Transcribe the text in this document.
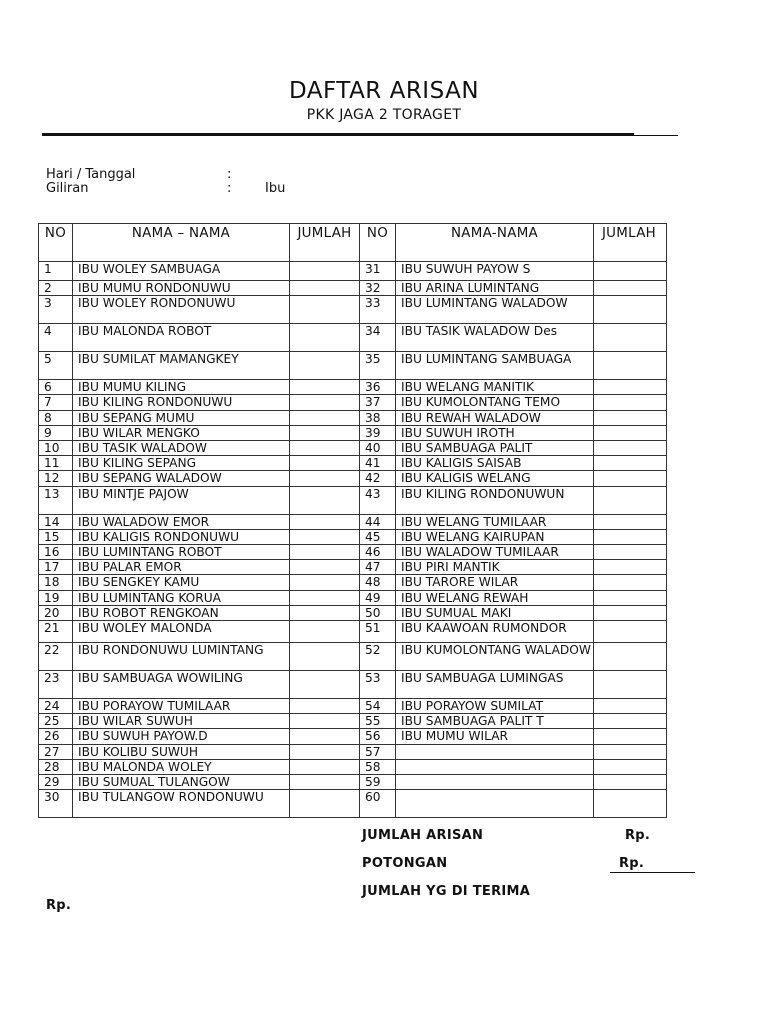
DAFTAR ARISAN
PKK JAGA 2 TORAGET
Hari / Tanggal	:
Giliran	:	Ibu
NO	NAMA – NAMA	JUMLAH	NO	NAMA-NAMA	JUMLAH

1	IBU WOLEY SAMBUAGA		31	IBU SUWUH PAYOW S	
2	IBU MUMU RONDONUWU		32	IBU ARINA LUMINTANG	
3	IBU WOLEY RONDONUWU		33	IBU LUMINTANG WALADOW	
4	IBU MALONDA ROBOT		34	IBU TASIK WALADOW Des	
5	IBU SUMILAT MAMANGKEY		35	IBU LUMINTANG SAMBUAGA	
6	IBU MUMU KILING		36	IBU WELANG MANITIK	
7	IBU KILING RONDONUWU		37	IBU KUMOLONTANG TEMO	
8	IBU SEPANG MUMU		38	IBU REWAH WALADOW	
9	IBU WILAR MENGKO		39	IBU SUWUH IROTH	
10	IBU TASIK WALADOW		40	IBU SAMBUAGA PALIT	
11	IBU KILING SEPANG		41	IBU KALIGIS SAISAB	
12	IBU SEPANG WALADOW		42	IBU KALIGIS WELANG	
13	IBU MINTJE PAJOW		43	IBU KILING RONDONUWUN	
14	IBU WALADOW EMOR		44	IBU WELANG TUMILAAR	
15	IBU KALIGIS RONDONUWU		45	IBU WELANG KAIRUPAN	
16	IBU LUMINTANG ROBOT		46	IBU WALADOW TUMILAAR	
17	IBU PALAR EMOR		47	IBU PIRI MANTIK	
18	IBU SENGKEY KAMU		48	IBU TARORE WILAR	
19	IBU LUMINTANG KORUA		49	IBU WELANG REWAH	
20	IBU ROBOT RENGKOAN		50	IBU SUMUAL MAKI	
21	IBU WOLEY MALONDA		51	IBU KAAWOAN RUMONDOR	
22	IBU RONDONUWU LUMINTANG		52	IBU KUMOLONTANG WALADOW	
23	IBU SAMBUAGA WOWILING		53	IBU SAMBUAGA LUMINGAS	
24	IBU PORAYOW TUMILAAR		54	IBU PORAYOW SUMILAT	
25	IBU WILAR SUWUH		55	IBU SAMBUAGA PALIT T	
26	IBU SUWUH PAYOW.D		56	IBU MUMU WILAR	
27	IBU KOLIBU SUWUH		57		
28	IBU MALONDA WOLEY		58		
29	IBU SUMUAL TULANGOW		59		
30	IBU TULANGOW RONDONUWU		60		
JUMLAH ARISAN	Rp.
POTONGAN	Rp.
JUMLAH YG DI TERIMA
Rp.
